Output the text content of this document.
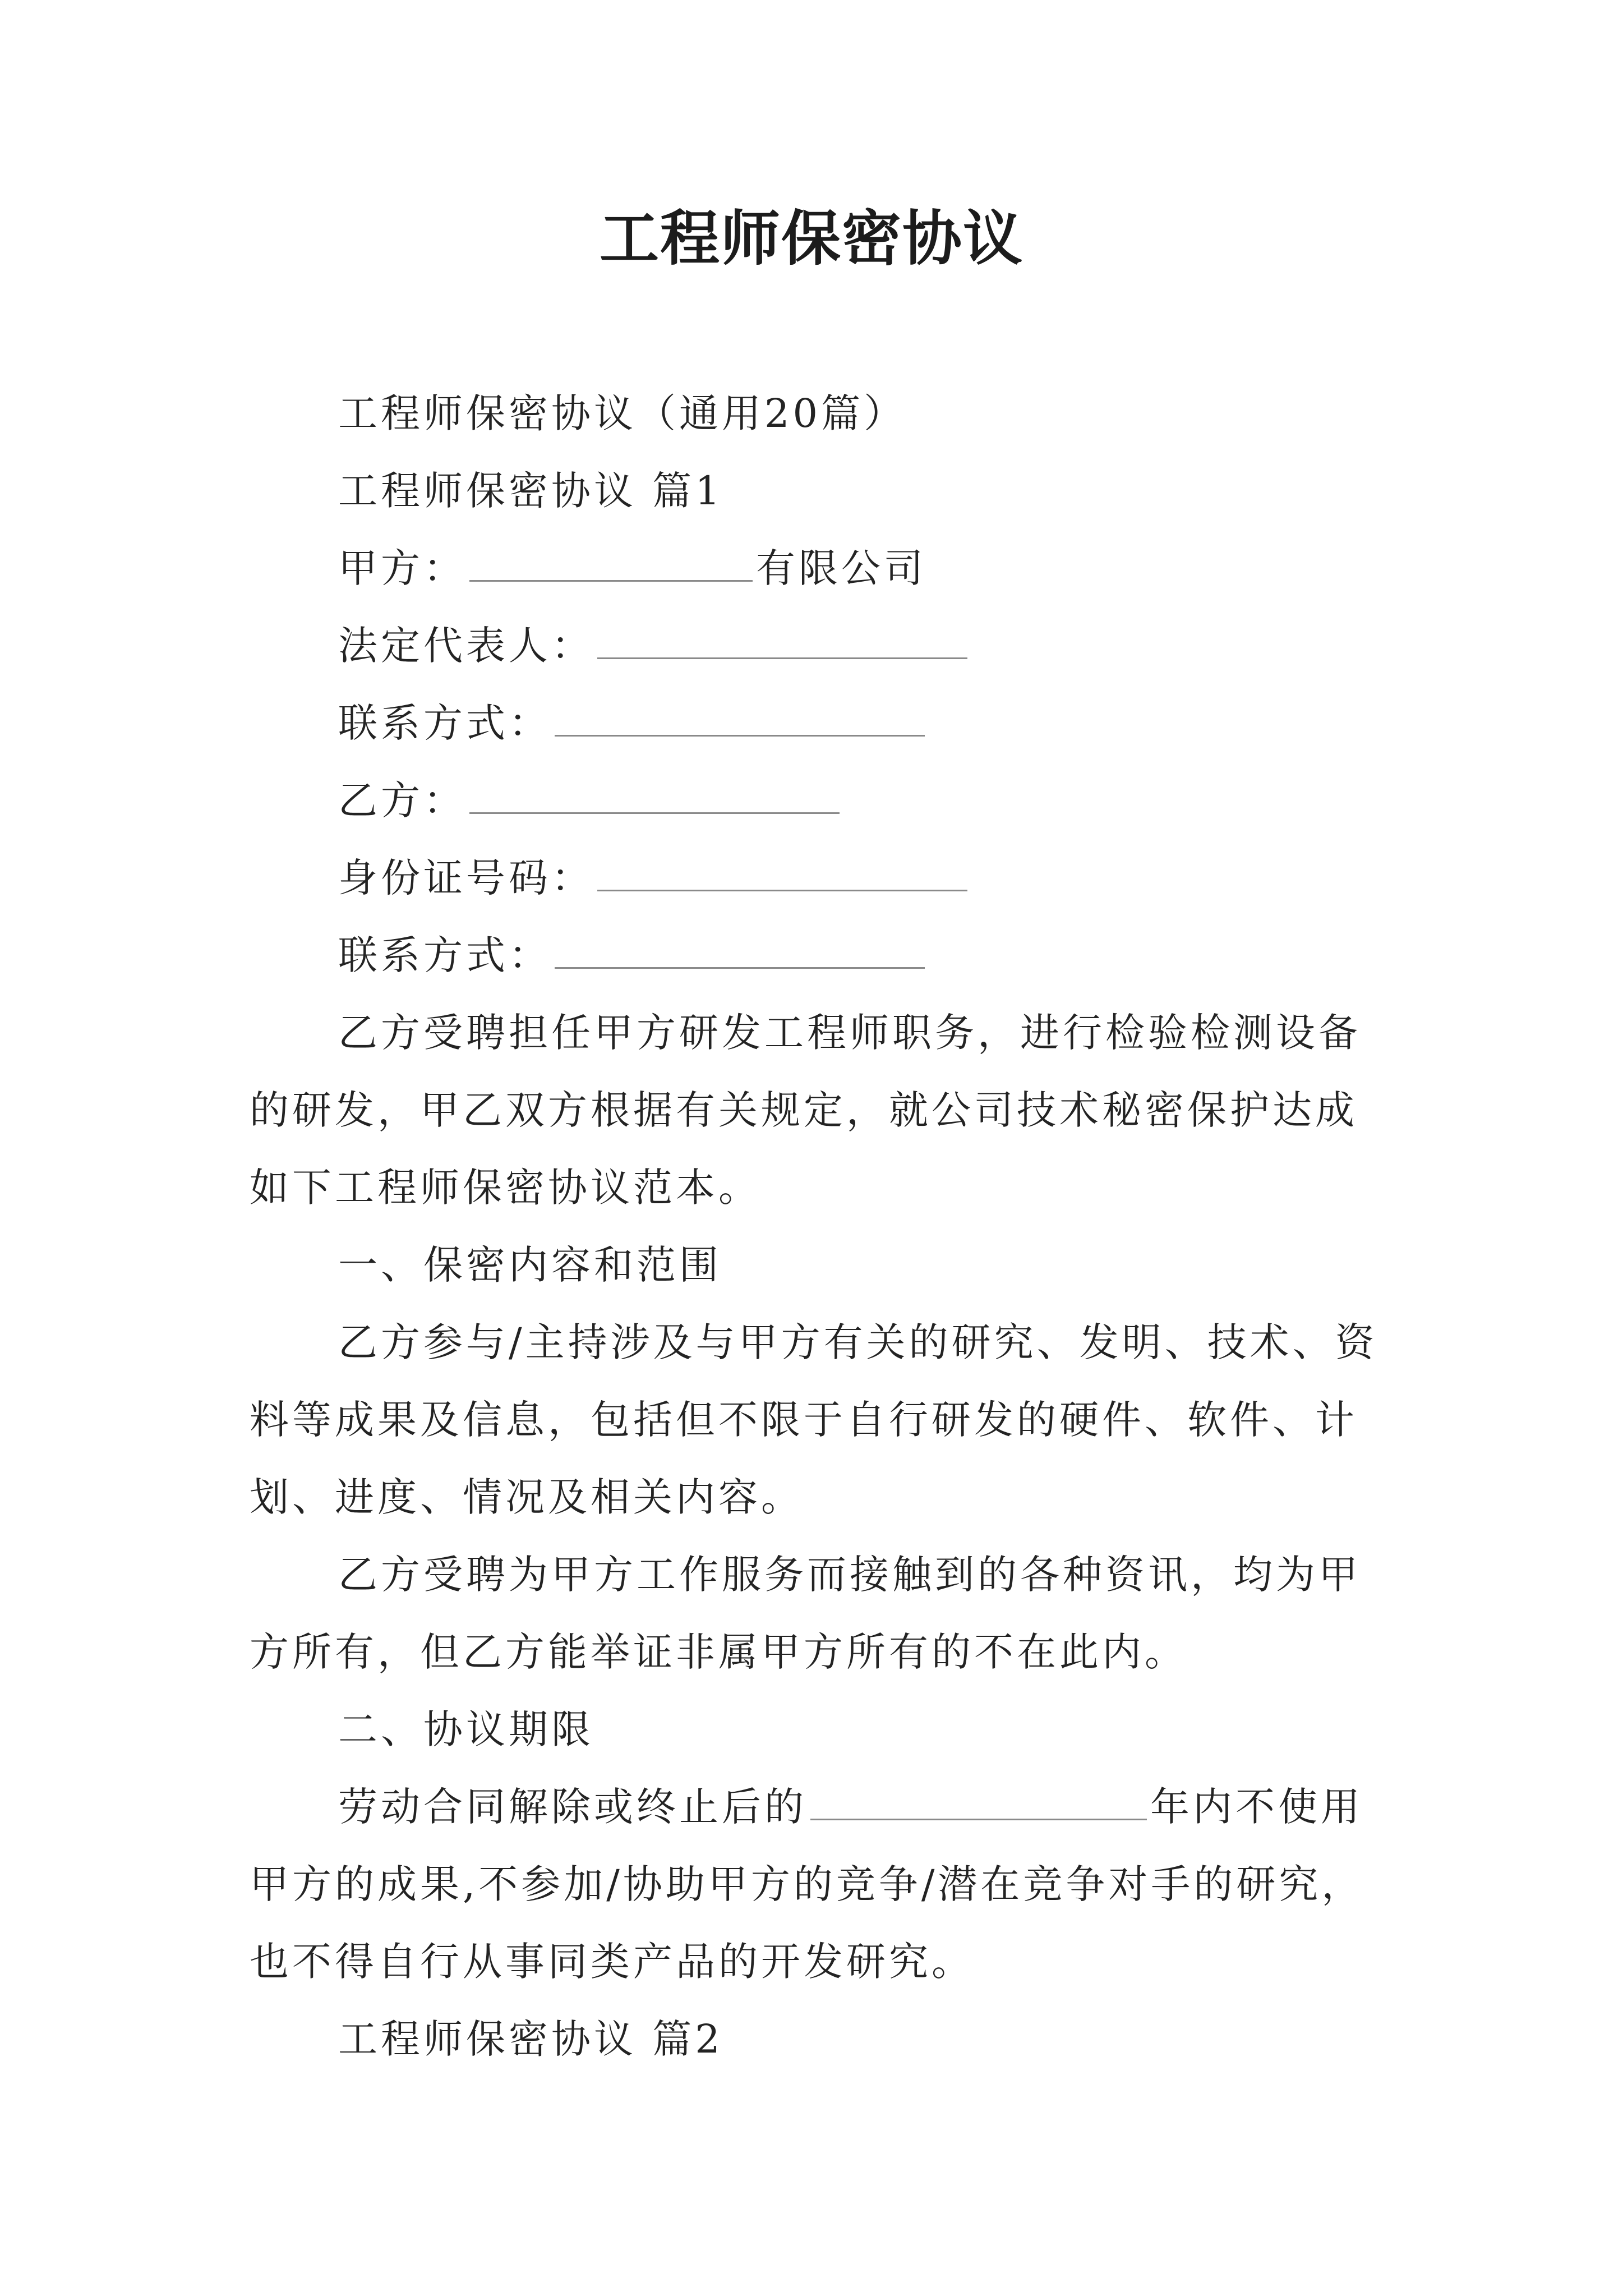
工程师保密协议

工程师保密协议（通用20篇）

工程师保密协议 篇1

甲方：	有限公司

法定代表人：

联系方式：

乙方：

身份证号码：

联系方式：

乙方受聘担任甲方研发工程师职务，进行检验检测设备的研发，甲乙双方根据有关规定，就公司技术秘密保护达成如下工程师保密协议范本。

一、保密内容和范围

乙方参与/主持涉及与甲方有关的研究、发明、技术、资料等成果及信息，包括但不限于自行研发的硬件、软件、计划、进度、情况及相关内容。

乙方受聘为甲方工作服务而接触到的各种资讯，均为甲方所有，但乙方能举证非属甲方所有的不在此内。

二、协议期限

劳动合同解除或终止后的	年内不使用甲方的成果,不参加/协助甲方的竞争/潜在竞争对手的研究，也不得自行从事同类产品的开发研究。

工程师保密协议 篇2
